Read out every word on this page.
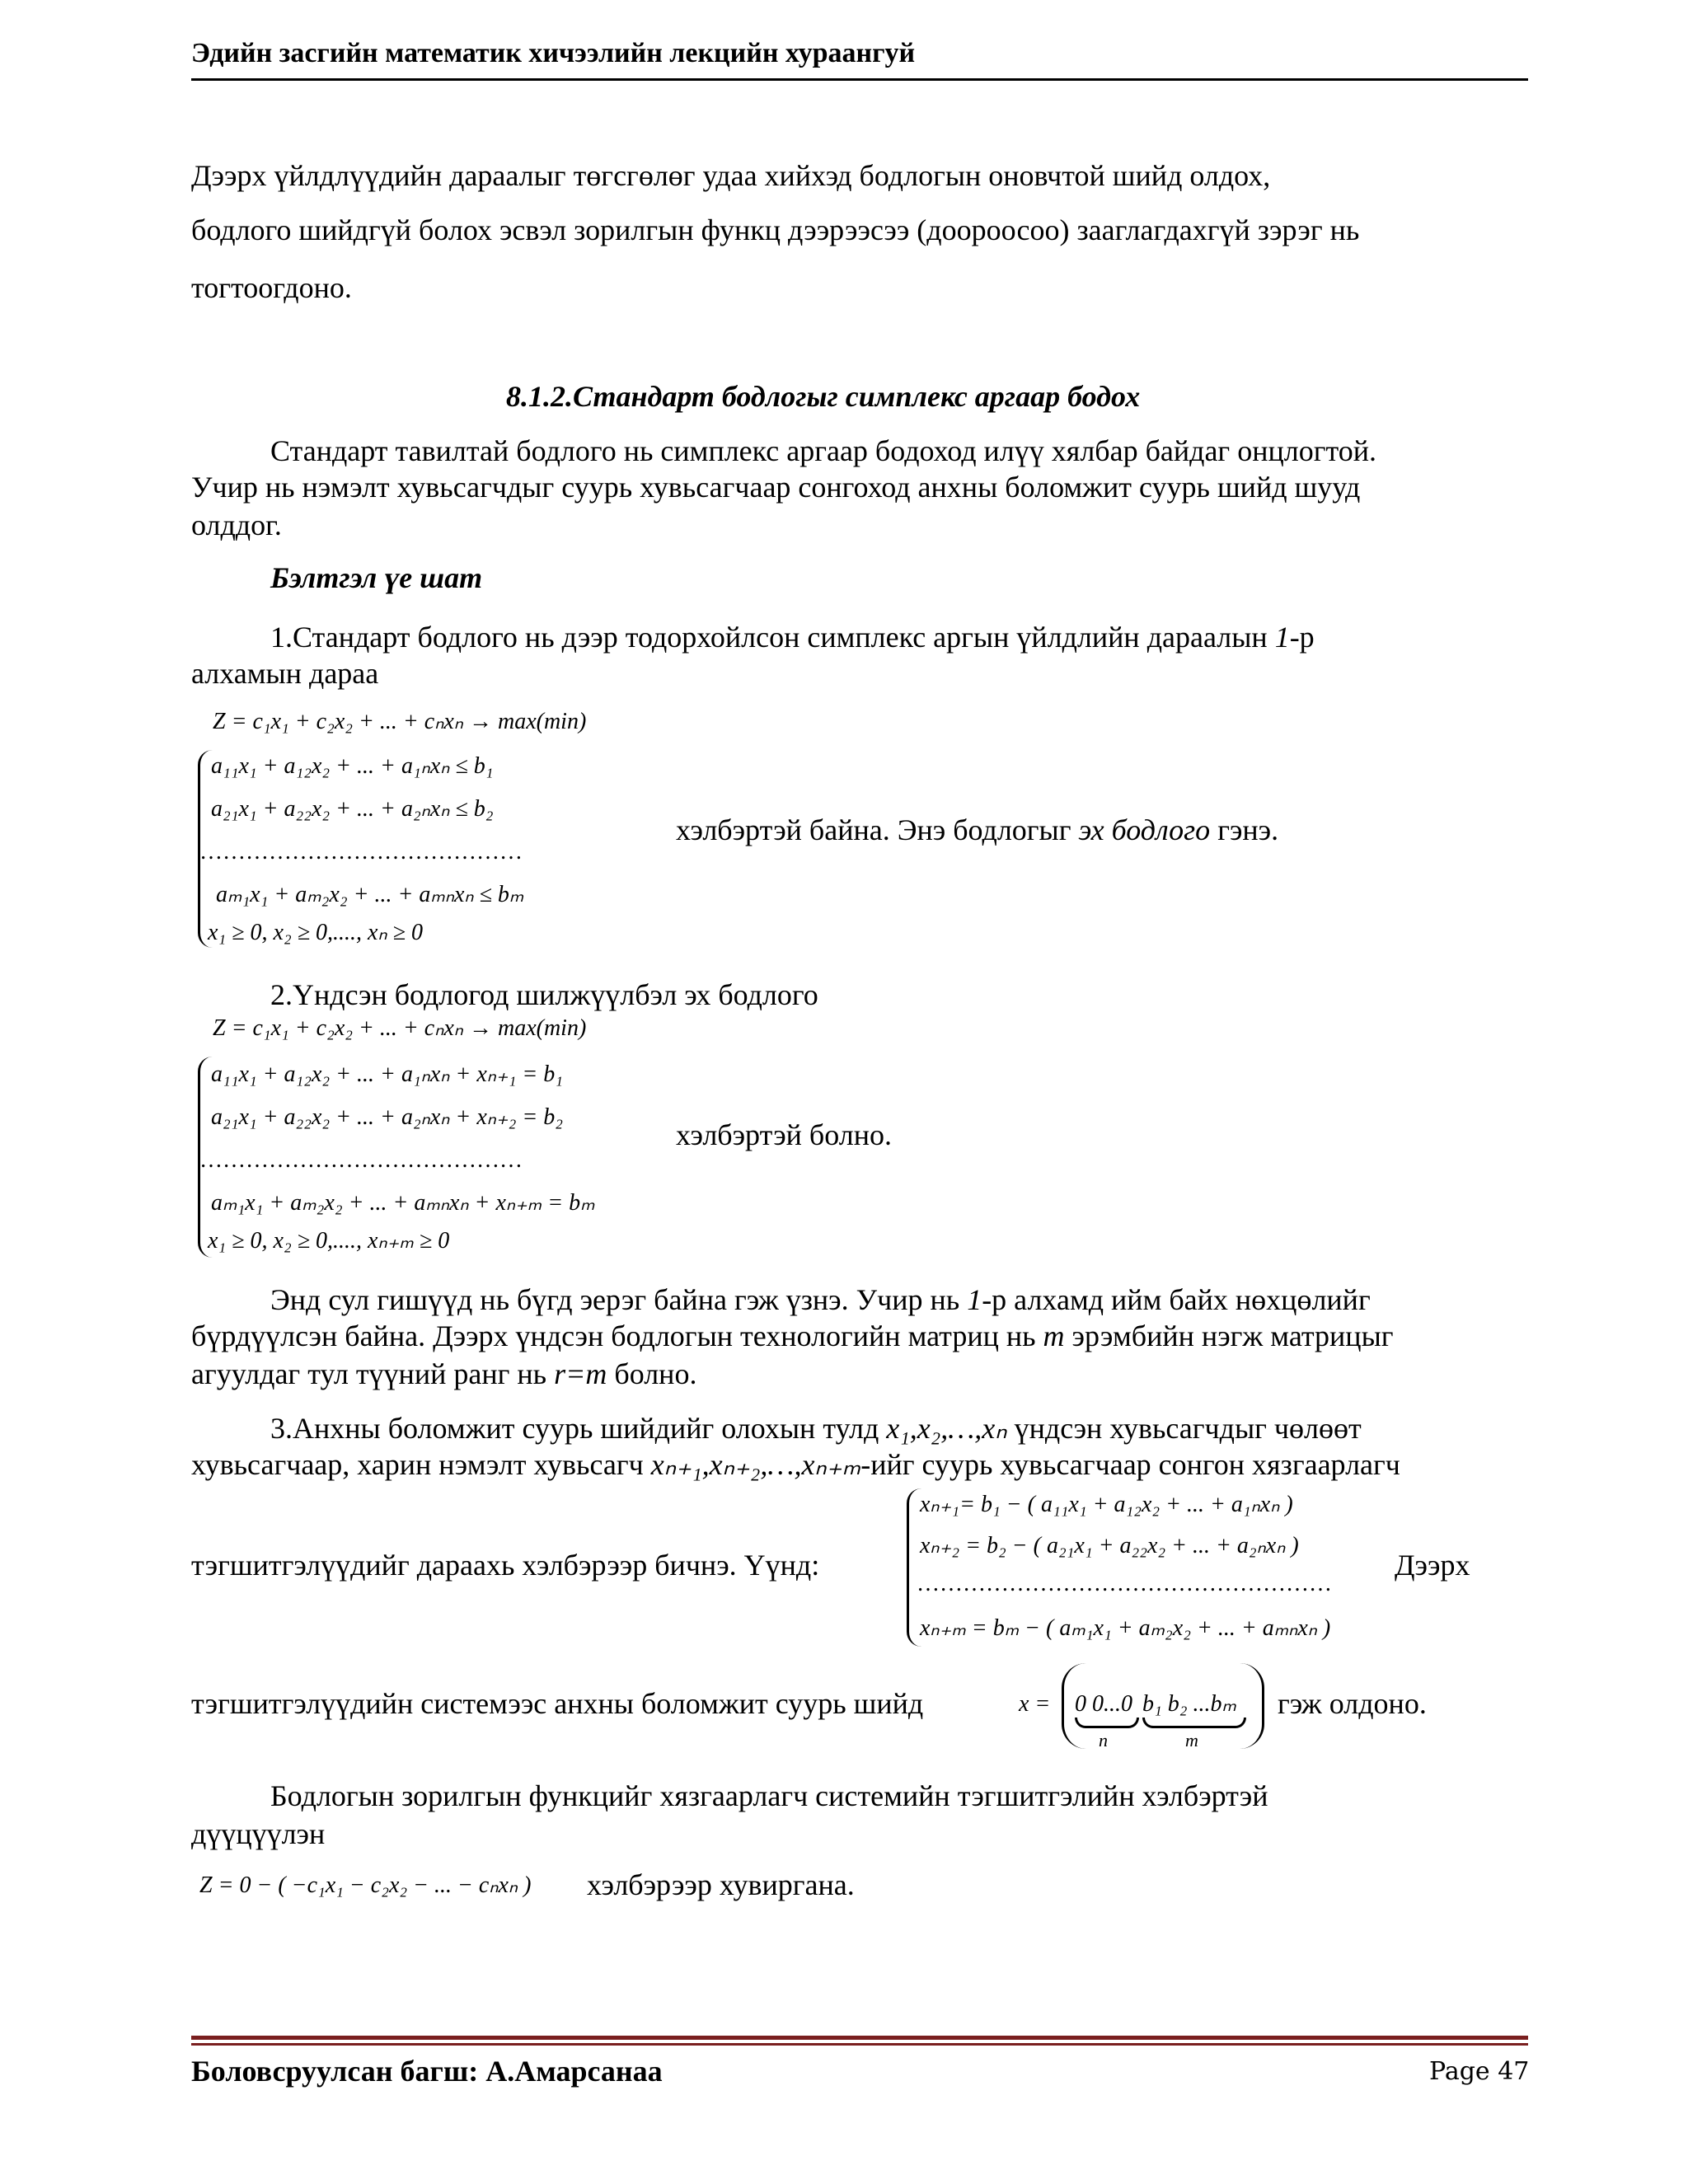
Эдийн засгийн математик хичээлийн лекцийн хураангуй
Дээрх үйлдлүүдийн дараалыг төгсгөлөг удаа хийхэд бодлогын оновчтой шийд олдох,
бодлого шийдгүй болох эсвэл зорилгын функц дээрээсээ (доороосоо) зааглагдахгүй зэрэг нь
тогтоогдоно.
8.1.2.Стандарт бодлогыг симплекс аргаар бодох
Стандарт тавилтай бодлого нь симплекс аргаар бодоход илүү хялбар байдаг онцлогтой.
Учир нь нэмэлт хувьсагчдыг суурь хувьсагчаар сонгоход анхны боломжит суурь шийд шууд
олддог.
Бэлтгэл үе шат
1.Стандарт бодлого нь дээр тодорхойлсон симплекс аргын үйлдлийн дараалын 1-р
алхамын дараа
Z = c₁x₁ + c₂x₂ + ... + cₙxₙ → max(min)
a₁₁x₁ + a₁₂x₂ + ... + a₁ₙxₙ ≤ b₁
a₂₁x₁ + a₂₂x₂ + ... + a₂ₙxₙ ≤ b₂
……………………………………
aₘ₁x₁ + aₘ₂x₂ + ... + aₘₙxₙ ≤ bₘ
x₁ ≥ 0, x₂ ≥ 0,...., xₙ ≥ 0
хэлбэртэй байна. Энэ бодлогыг эх бодлого гэнэ.
2.Үндсэн бодлогод шилжүүлбэл эх бодлого
Z = c₁x₁ + c₂x₂ + ... + cₙxₙ → max(min)
a₁₁x₁ + a₁₂x₂ + ... + a₁ₙxₙ + xₙ₊₁ = b₁
a₂₁x₁ + a₂₂x₂ + ... + a₂ₙxₙ + xₙ₊₂ = b₂
……………………………………
aₘ₁x₁ + aₘ₂x₂ + ... + aₘₙxₙ + xₙ₊ₘ = bₘ
x₁ ≥ 0, x₂ ≥ 0,...., xₙ₊ₘ ≥ 0
хэлбэртэй болно.
Энд сул гишүүд нь бүгд эерэг байна гэж үзнэ. Учир нь 1-р алхамд ийм байх нөхцөлийг
бүрдүүлсэн байна. Дээрх үндсэн бодлогын технологийн матриц нь m эрэмбийн нэгж матрицыг
агуулдаг тул түүний ранг нь r=m болно.
3.Анхны боломжит суурь шийдийг олохын тулд x₁,x₂,…,xₙ үндсэн хувьсагчдыг чөлөөт
хувьсагчаар, харин нэмэлт хувьсагч xₙ₊₁,xₙ₊₂,…,xₙ₊ₘ-ийг суурь хувьсагчаар сонгон хязгаарлагч
xₙ₊₁= b₁ − ( a₁₁x₁ + a₁₂x₂ + ... + a₁ₙxₙ )
xₙ₊₂ = b₂ − ( a₂₁x₁ + a₂₂x₂ + ... + a₂ₙxₙ )
………………………………………………
xₙ₊ₘ = bₘ − ( aₘ₁x₁ + aₘ₂x₂ + ... + aₘₙxₙ )
тэгшитгэлүүдийг дараахь хэлбэрээр бичнэ. Үүнд:	Дээрх
тэгшитгэлүүдийн системээс анхны боломжит суурь шийд	x = 0 0...0 b₁ b₂ ...bₘ
n	m
гэж олдоно.
Бодлогын зорилгын функцийг хязгаарлагч системийн тэгшитгэлийн хэлбэртэй
дүүцүүлэн
Z = 0 − ( −c₁x₁ − c₂x₂ − ... − cₙxₙ ) хэлбэрээр хувиргана.
Боловсруулсан багш: А.Амарсанаа	Page 47
